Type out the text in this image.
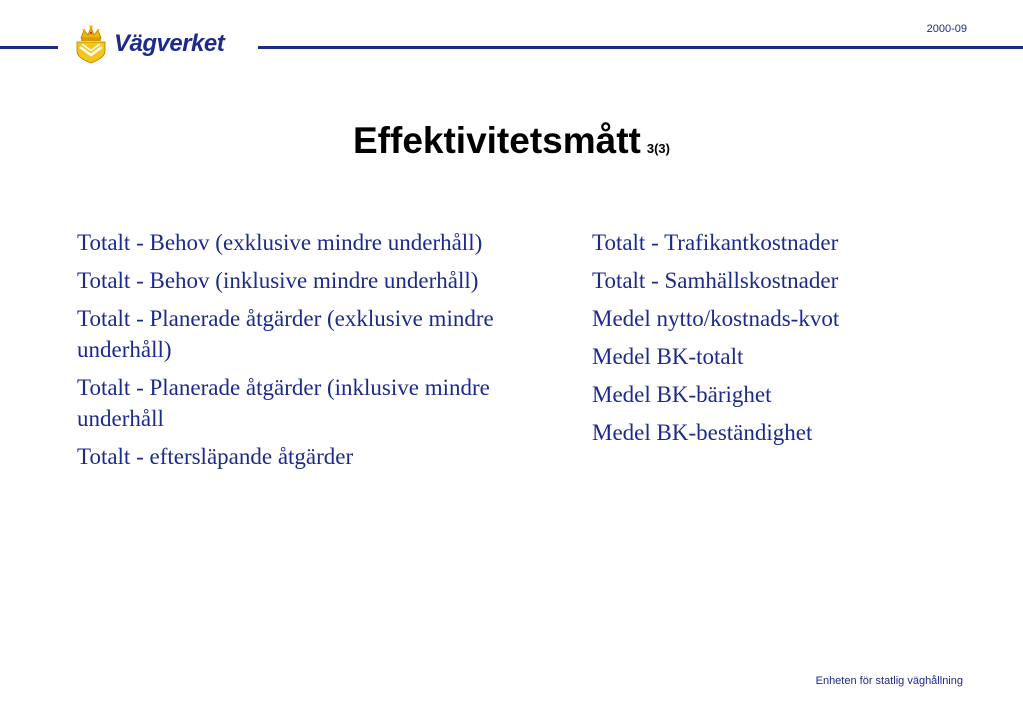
Vägverket
2000-09
Effektivitetsmått 3(3)
Totalt - Behov (exklusive mindre underhåll)
Totalt - Behov (inklusive mindre underhåll)
Totalt - Planerade åtgärder (exklusive mindre underhåll)
Totalt - Planerade åtgärder (inklusive mindre underhåll
Totalt - eftersläpande åtgärder
Totalt - Trafikantkostnader
Totalt - Samhällskostnader
Medel nytto/kostnads-kvot
Medel BK-totalt
Medel BK-bärighet
Medel BK-beständighet
Enheten för statlig väghållning
